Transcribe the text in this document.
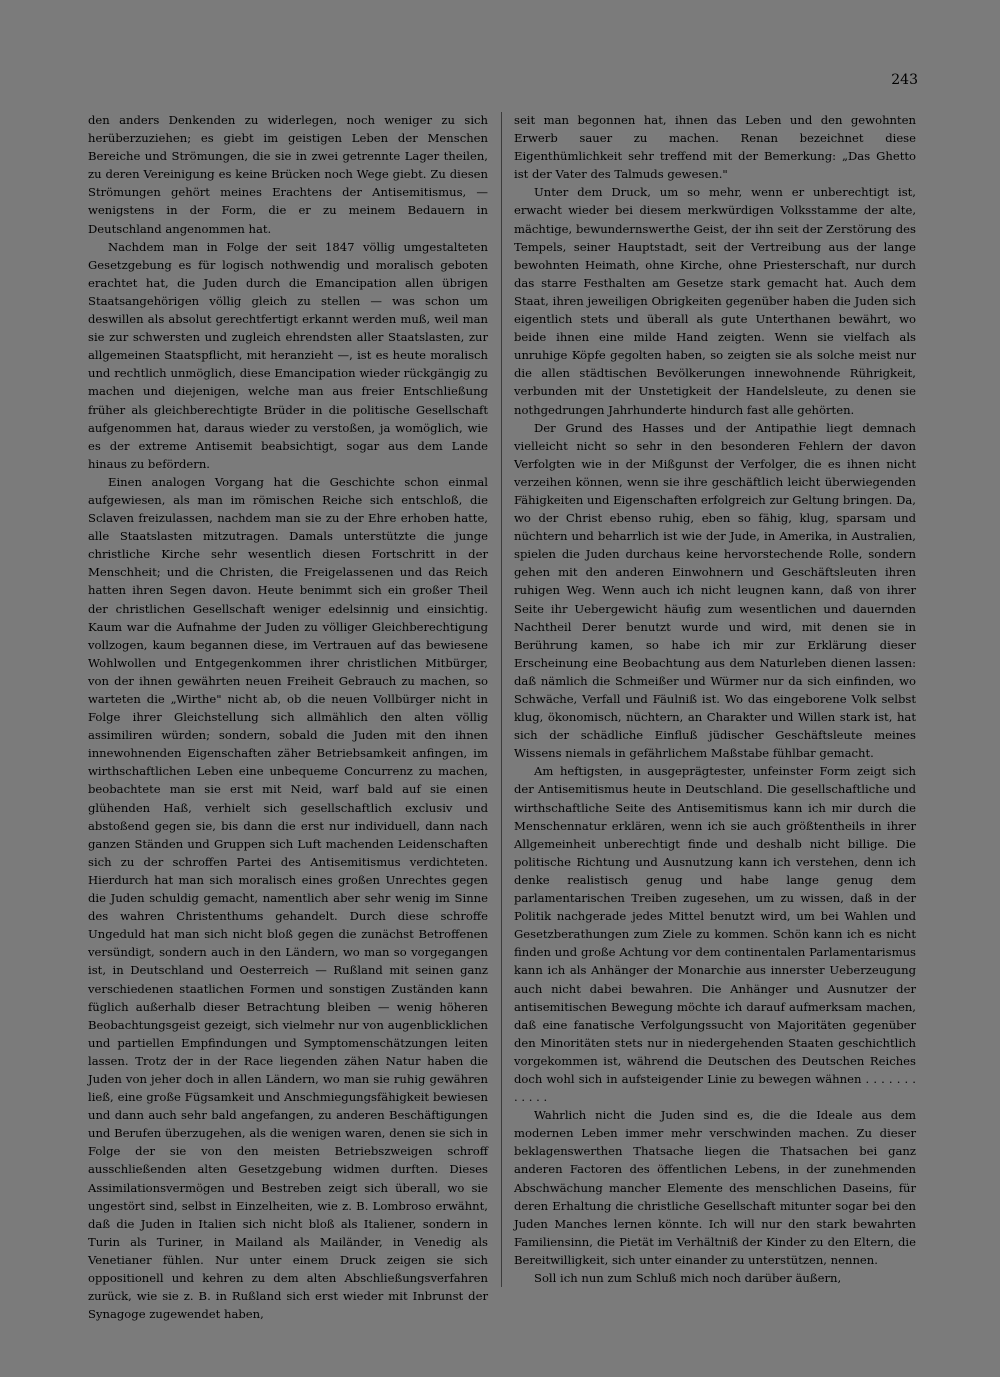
243

den anders Denkenden zu widerlegen, noch weniger zu sich herüberzuziehen; es giebt im geistigen Leben der Menschen Bereiche und Strömungen, die sie in zwei getrennte Lager theilen, zu deren Vereinigung es keine Brücken noch Wege giebt. Zu diesen Strömungen gehört meines Erachtens der Antisemitismus, — wenigstens in der Form, die er zu meinem Bedauern in Deutschland angenommen hat.

Nachdem man in Folge der seit 1847 völlig umgestalteten Gesetzgebung es für logisch nothwendig und moralisch geboten erachtet hat, die Juden durch die Emancipation allen übrigen Staatsangehörigen völlig gleich zu stellen — was schon um deswillen als absolut gerechtfertigt erkannt werden muß, weil man sie zur schwersten und zugleich ehrendsten aller Staatslasten, zur allgemeinen Staatspflicht, mit heranzieht —, ist es heute moralisch und rechtlich unmöglich, diese Emancipation wieder rückgängig zu machen und diejenigen, welche man aus freier Entschließung früher als gleichberechtigte Brüder in die politische Gesellschaft aufgenommen hat, daraus wieder zu verstoßen, ja womöglich, wie es der extreme Antisemit beabsichtigt, sogar aus dem Lande hinaus zu befördern.

Einen analogen Vorgang hat die Geschichte schon einmal aufgewiesen, als man im römischen Reiche sich entschloß, die Sclaven freizulassen, nachdem man sie zu der Ehre erhoben hatte, alle Staatslasten mitzutragen. Damals unterstützte die junge christliche Kirche sehr wesentlich diesen Fortschritt in der Menschheit; und die Christen, die Freigelassenen und das Reich hatten ihren Segen davon. Heute benimmt sich ein großer Theil der christlichen Gesellschaft weniger edelsinnig und einsichtig. Kaum war die Aufnahme der Juden zu völliger Gleichberechtigung vollzogen, kaum begannen diese, im Vertrauen auf das bewiesene Wohlwollen und Entgegenkommen ihrer christlichen Mitbürger, von der ihnen gewährten neuen Freiheit Gebrauch zu machen, so warteten die „Wirthe" nicht ab, ob die neuen Vollbürger nicht in Folge ihrer Gleichstellung sich allmählich den alten völlig assimiliren würden; sondern, sobald die Juden mit den ihnen innewohnenden Eigenschaften zäher Betriebsamkeit anfingen, im wirthschaftlichen Leben eine unbequeme Concurrenz zu machen, beobachtete man sie erst mit Neid, warf bald auf sie einen glühenden Haß, verhielt sich gesellschaftlich exclusiv und abstoßend gegen sie, bis dann die erst nur individuell, dann nach ganzen Ständen und Gruppen sich Luft machenden Leidenschaften sich zu der schroffen Partei des Antisemitismus verdichteten. Hierdurch hat man sich moralisch eines großen Unrechtes gegen die Juden schuldig gemacht, namentlich aber sehr wenig im Sinne des wahren Christenthums gehandelt. Durch diese schroffe Ungeduld hat man sich nicht bloß gegen die zunächst Betroffenen versündigt, sondern auch in den Ländern, wo man so vorgegangen ist, in Deutschland und Oesterreich — Rußland mit seinen ganz verschiedenen staatlichen Formen und sonstigen Zuständen kann füglich außerhalb dieser Betrachtung bleiben — wenig höheren Beobachtungsgeist gezeigt, sich vielmehr nur von augenblicklichen und partiellen Empfindungen und Symptomenschätzungen leiten lassen. Trotz der in der Race liegenden zähen Natur haben die Juden von jeher doch in allen Ländern, wo man sie ruhig gewähren ließ, eine große Fügsamkeit und Anschmiegungsfähigkeit bewiesen und dann auch sehr bald angefangen, zu anderen Beschäftigungen und Berufen überzugehen, als die wenigen waren, denen sie sich in Folge der sie von den meisten Betriebszweigen schroff ausschließenden alten Gesetzgebung widmen durften. Dieses Assimilationsvermögen und Bestreben zeigt sich überall, wo sie ungestört sind, selbst in Einzelheiten, wie z. B. Lombroso erwähnt, daß die Juden in Italien sich nicht bloß als Italiener, sondern in Turin als Turiner, in Mailand als Mailänder, in Venedig als Venetianer fühlen. Nur unter einem Druck zeigen sie sich oppositionell und kehren zu dem alten Abschließungsverfahren zurück, wie sie z. B. in Rußland sich erst wieder mit Inbrunst der Synagoge zugewendet haben,

seit man begonnen hat, ihnen das Leben und den gewohnten Erwerb sauer zu machen. Renan bezeichnet diese Eigenthümlichkeit sehr treffend mit der Bemerkung: „Das Ghetto ist der Vater des Talmuds gewesen."

Unter dem Druck, um so mehr, wenn er unberechtigt ist, erwacht wieder bei diesem merkwürdigen Volksstamme der alte, mächtige, bewundernswerthe Geist, der ihn seit der Zerstörung des Tempels, seiner Hauptstadt, seit der Vertreibung aus der lange bewohnten Heimath, ohne Kirche, ohne Priesterschaft, nur durch das starre Festhalten am Gesetze stark gemacht hat. Auch dem Staat, ihren jeweiligen Obrigkeiten gegenüber haben die Juden sich eigentlich stets und überall als gute Unterthanen bewährt, wo beide ihnen eine milde Hand zeigten. Wenn sie vielfach als unruhige Köpfe gegolten haben, so zeigten sie als solche meist nur die allen städtischen Bevölkerungen innewohnende Rührigkeit, verbunden mit der Unstetigkeit der Handelsleute, zu denen sie nothgedrungen Jahrhunderte hindurch fast alle gehörten.

Der Grund des Hasses und der Antipathie liegt demnach vielleicht nicht so sehr in den besonderen Fehlern der davon Verfolgten wie in der Mißgunst der Verfolger, die es ihnen nicht verzeihen können, wenn sie ihre geschäftlich leicht überwiegenden Fähigkeiten und Eigenschaften erfolgreich zur Geltung bringen. Da, wo der Christ ebenso ruhig, eben so fähig, klug, sparsam und nüchtern und beharrlich ist wie der Jude, in Amerika, in Australien, spielen die Juden durchaus keine hervorstechende Rolle, sondern gehen mit den anderen Einwohnern und Geschäftsleuten ihren ruhigen Weg. Wenn auch ich nicht leugnen kann, daß von ihrer Seite ihr Uebergewicht häufig zum wesentlichen und dauernden Nachtheil Derer benutzt wurde und wird, mit denen sie in Berührung kamen, so habe ich mir zur Erklärung dieser Erscheinung eine Beobachtung aus dem Naturleben dienen lassen: daß nämlich die Schmeißer und Würmer nur da sich einfinden, wo Schwäche, Verfall und Fäulniß ist. Wo das eingeborene Volk selbst klug, ökonomisch, nüchtern, an Charakter und Willen stark ist, hat sich der schädliche Einfluß jüdischer Geschäftsleute meines Wissens niemals in gefährlichem Maßstabe fühlbar gemacht.

Am heftigsten, in ausgeprägtester, unfeinster Form zeigt sich der Antisemitismus heute in Deutschland. Die gesellschaftliche und wirthschaftliche Seite des Antisemitismus kann ich mir durch die Menschennatur erklären, wenn ich sie auch größtentheils in ihrer Allgemeinheit unberechtigt finde und deshalb nicht billige. Die politische Richtung und Ausnutzung kann ich verstehen, denn ich denke realistisch genug und habe lange genug dem parlamentarischen Treiben zugesehen, um zu wissen, daß in der Politik nachgerade jedes Mittel benutzt wird, um bei Wahlen und Gesetzberathungen zum Ziele zu kommen. Schön kann ich es nicht finden und große Achtung vor dem continentalen Parlamentarismus kann ich als Anhänger der Monarchie aus innerster Ueberzeugung auch nicht dabei bewahren. Die Anhänger und Ausnutzer der antisemitischen Bewegung möchte ich darauf aufmerksam machen, daß eine fanatische Verfolgungssucht von Majoritäten gegenüber den Minoritäten stets nur in niedergehenden Staaten geschichtlich vorgekommen ist, während die Deutschen des Deutschen Reiches doch wohl sich in aufsteigender Linie zu bewegen wähnen . . . . . . . . . . . .

Wahrlich nicht die Juden sind es, die die Ideale aus dem modernen Leben immer mehr verschwinden machen. Zu dieser beklagenswerthen Thatsache liegen die Thatsachen bei ganz anderen Factoren des öffentlichen Lebens, in der zunehmenden Abschwächung mancher Elemente des menschlichen Daseins, für deren Erhaltung die christliche Gesellschaft mitunter sogar bei den Juden Manches lernen könnte. Ich will nur den stark bewahrten Familiensinn, die Pietät im Verhältniß der Kinder zu den Eltern, die Bereitwilligkeit, sich unter einander zu unterstützen, nennen.

Soll ich nun zum Schluß mich noch darüber äußern,
